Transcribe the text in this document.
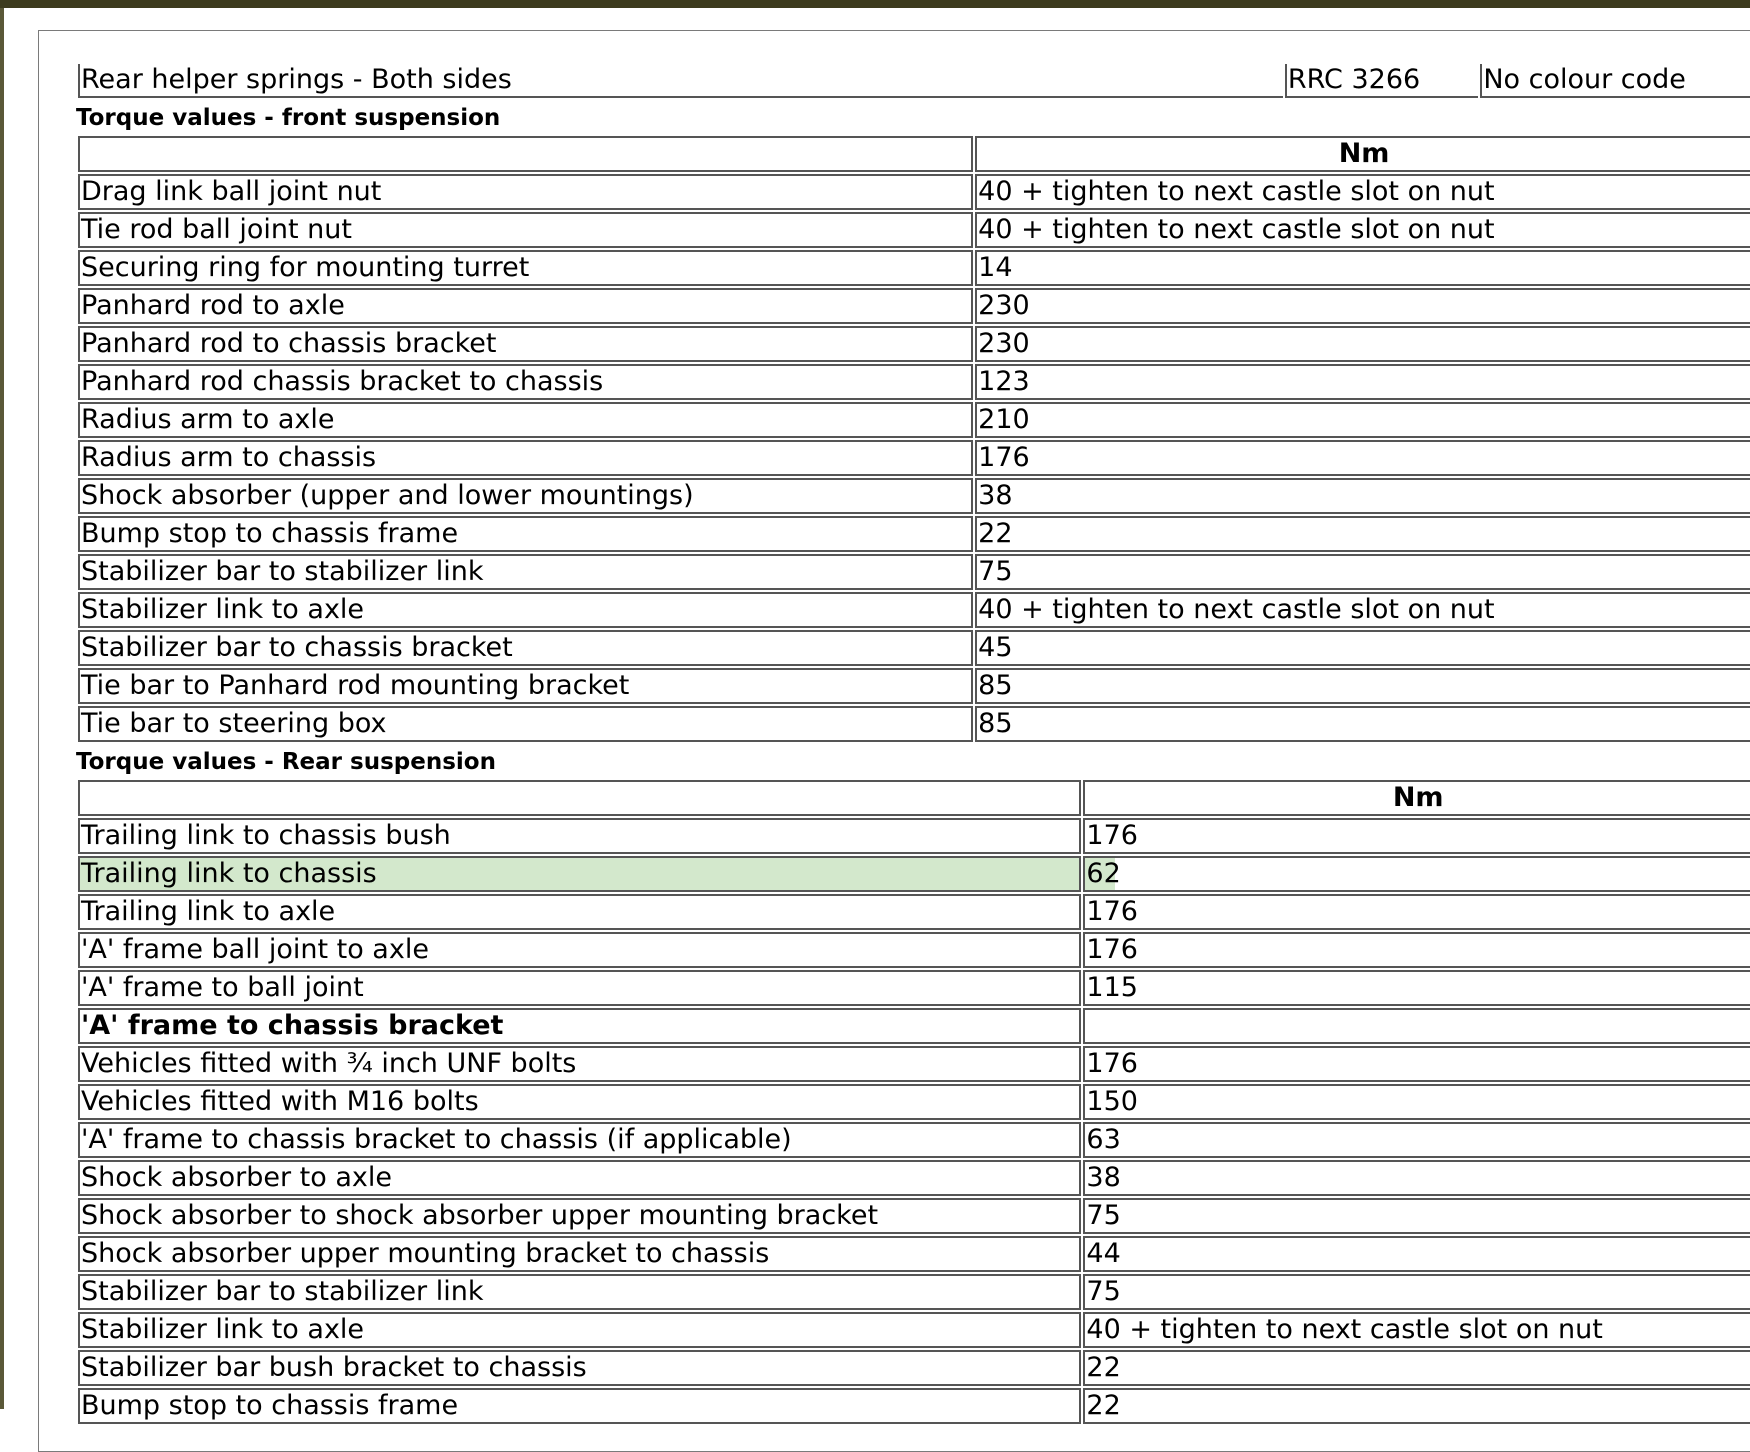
Rear helper springs - Both sides	RRC 3266	No colour code
Torque values - front suspension
	Nm
Drag link ball joint nut	40 + tighten to next castle slot on nut
Tie rod ball joint nut	40 + tighten to next castle slot on nut
Securing ring for mounting turret	14
Panhard rod to axle	230
Panhard rod to chassis bracket	230
Panhard rod chassis bracket to chassis	123
Radius arm to axle	210
Radius arm to chassis	176
Shock absorber (upper and lower mountings)	38
Bump stop to chassis frame	22
Stabilizer bar to stabilizer link	75
Stabilizer link to axle	40 + tighten to next castle slot on nut
Stabilizer bar to chassis bracket	45
Tie bar to Panhard rod mounting bracket	85
Tie bar to steering box	85
Torque values - Rear suspension
	Nm
Trailing link to chassis bush	176
Trailing link to chassis	62
Trailing link to axle	176
'A' frame ball joint to axle	176
'A' frame to ball joint	115
'A' frame to chassis bracket	
Vehicles fitted with ¾ inch UNF bolts	176
Vehicles fitted with M16 bolts	150
'A' frame to chassis bracket to chassis (if applicable)	63
Shock absorber to axle	38
Shock absorber to shock absorber upper mounting bracket	75
Shock absorber upper mounting bracket to chassis	44
Stabilizer bar to stabilizer link	75
Stabilizer link to axle	40 + tighten to next castle slot on nut
Stabilizer bar bush bracket to chassis	22
Bump stop to chassis frame	22
